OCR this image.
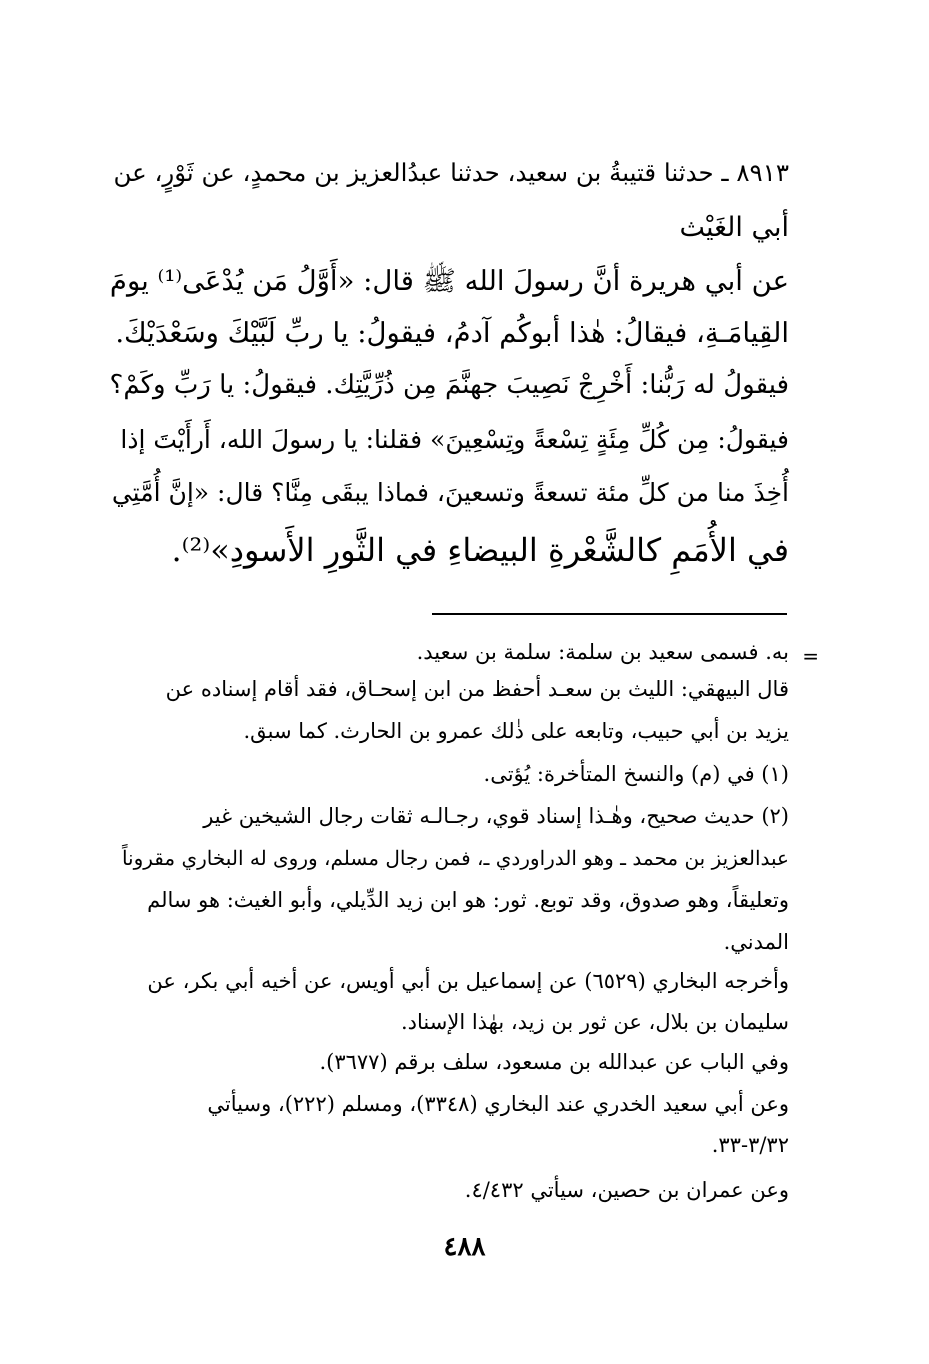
٨٩١٣ ـ حدثنا قتيبةُ بن سعيد، حدثنا عبدُالعزيز بن محمدٍ، عن ثَوْرٍ، عن
أبي الغَيْث
عن أبي هريرة أنَّ رسولَ الله ﷺ قال: «أَوَّلُ مَن يُدْعَى⁽¹⁾ يومَ
القِيامَـةِ، فيقالُ: هٰذا أبوكُم آدمُ، فيقولُ: يا ربِّ لَبَّيْكَ وسَعْدَيْكَ.
فيقولُ له رَبُّنا: أَخْرِجْ نَصِيبَ جهنَّمَ مِن ذُرِّيَّتِك. فيقولُ: يا رَبِّ وكَمْ؟
فيقولُ: مِن كُلِّ مِئَةٍ تِسْعةً وتِسْعِينَ» فقلنا: يا رسولَ الله، أَرأَيْتَ إذا
أُخِذَ منا من كلِّ مئة تسعةً وتسعينَ، فماذا يبقَى مِنَّا؟ قال: «إنَّ أُمَّتِي
في الأُمَمِ كالشَّعْرةِ البيضاءِ في الثَّورِ الأَسودِ»⁽²⁾.
=
به. فسمى سعيد بن سلمة: سلمة بن سعيد.
قال البيهقي: الليث بن سعـد أحفظ من ابن إسحـاق، فقد أقام إسناده عن
يزيد بن أبي حبيب، وتابعه على ذٰلك عمرو بن الحارث. كما سبق.
(١) في (م) والنسخ المتأخرة: يُؤتى.
(٢) حديث صحيح، وهٰـذا إسناد قوي، رجـالـه ثقات رجال الشيخين غير
عبدالعزيز بن محمد ـ وهو الدراوردي ـ، فمن رجال مسلم، وروى له البخاري مقروناً
وتعليقاً، وهو صدوق، وقد توبع. ثور: هو ابن زيد الدِّيلي، وأبو الغيث: هو سالم
المدني.
وأخرجه البخاري (٦٥٢٩) عن إسماعيل بن أبي أويس، عن أخيه أبي بكر، عن
سليمان بن بلال، عن ثور بن زيد، بهٰذا الإسناد.
وفي الباب عن عبدالله بن مسعود، سلف برقم (٣٦٧٧).
وعن أبي سعيد الخدري عند البخاري (٣٣٤٨)، ومسلم (٢٢٢)، وسيأتي
٣/٣٢-٣٣.
وعن عمران بن حصين، سيأتي ٤/٤٣٢.
٤٨٨
